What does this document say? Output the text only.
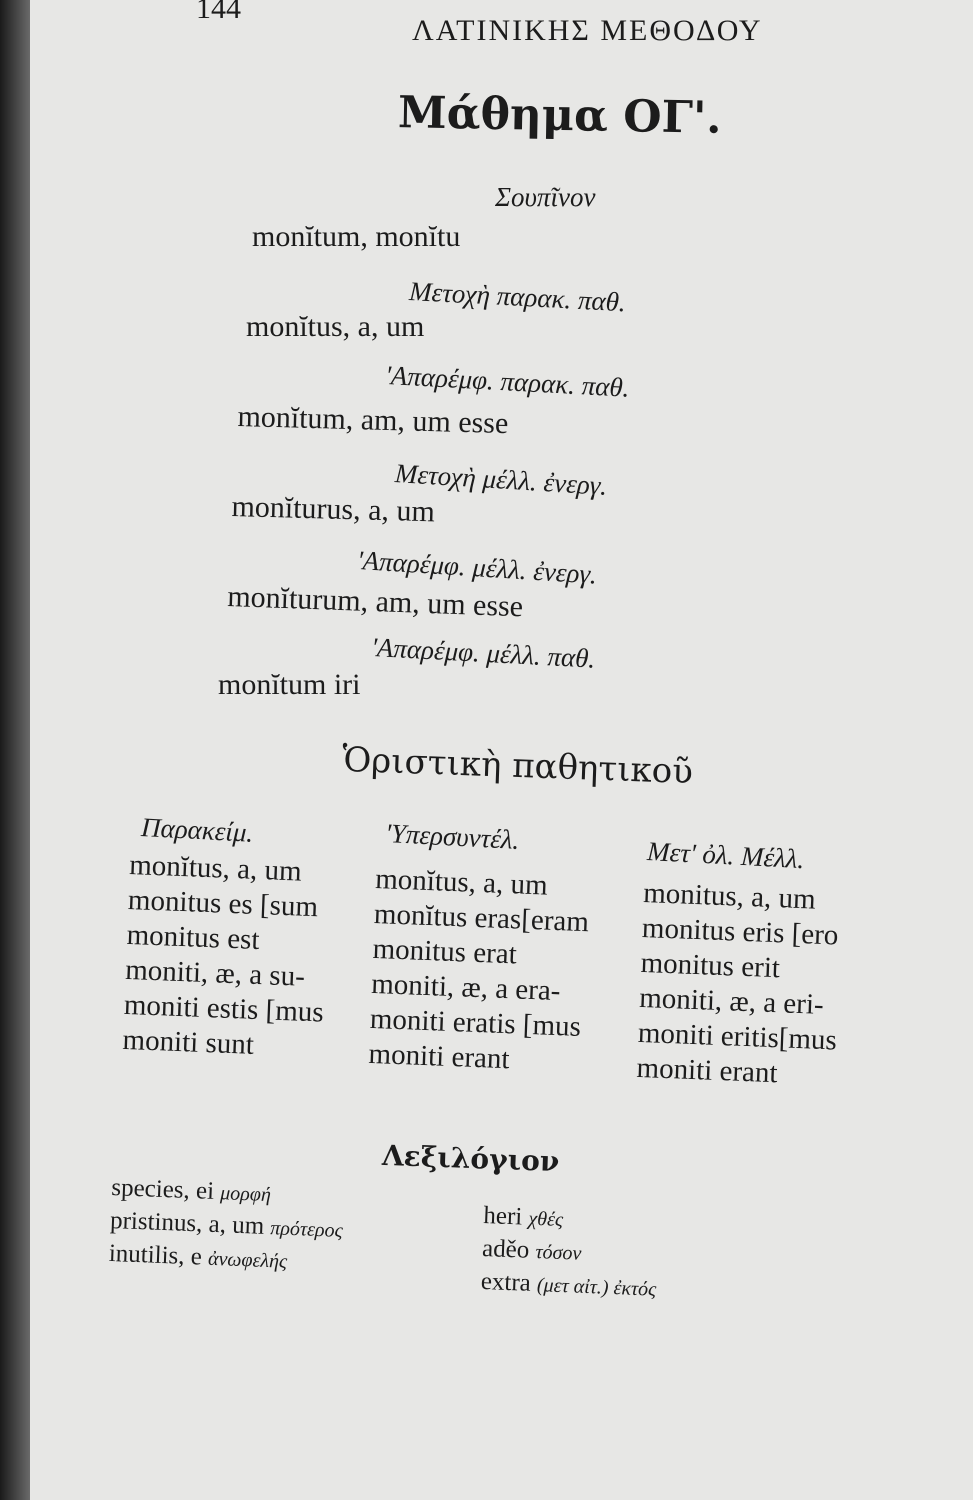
144
ΛΑΤΙΝΙΚΗΣ ΜΕΘΟΔΟΥ
Μάθημα ΟΓ'.
Σουπῖνον
monĭtum, monĭtu
Μετοχὴ παρακ. παθ.
monĭtus, a, um
'Απαρέμφ. παρακ. παθ.
monĭtum, am, um esse
Μετοχὴ μέλλ. ἐνεργ.
monĭturus, a, um
'Απαρέμφ. μέλλ. ἐνεργ.
monĭturum, am, um esse
'Απαρέμφ. μέλλ. παθ.
monĭtum iri
Ὁριστικὴ παθητικοῦ
Παρακείμ.	'Υπερσυντέλ.	Μετ' ὀλ. Μέλλ.
monĭtus, a, um
monitus es [sum
monitus est
moniti, æ, a su-
moniti estis [mus
moniti sunt
monĭtus, a, um
monĭtus eras[eram
monitus erat
moniti, æ, a era-
moniti eratis [mus
moniti erant
monitus, a, um
monitus eris [ero
monitus erit
moniti, æ, a eri-
moniti eritis[mus
moniti erant
Λεξιλόγιον
species, ei μορφή
pristinus, a, um πρότερος
inutilis, e ἀνωφελής
heri χθές
aděo τόσον
extra (μετ αἰτ.) ἐκτός
